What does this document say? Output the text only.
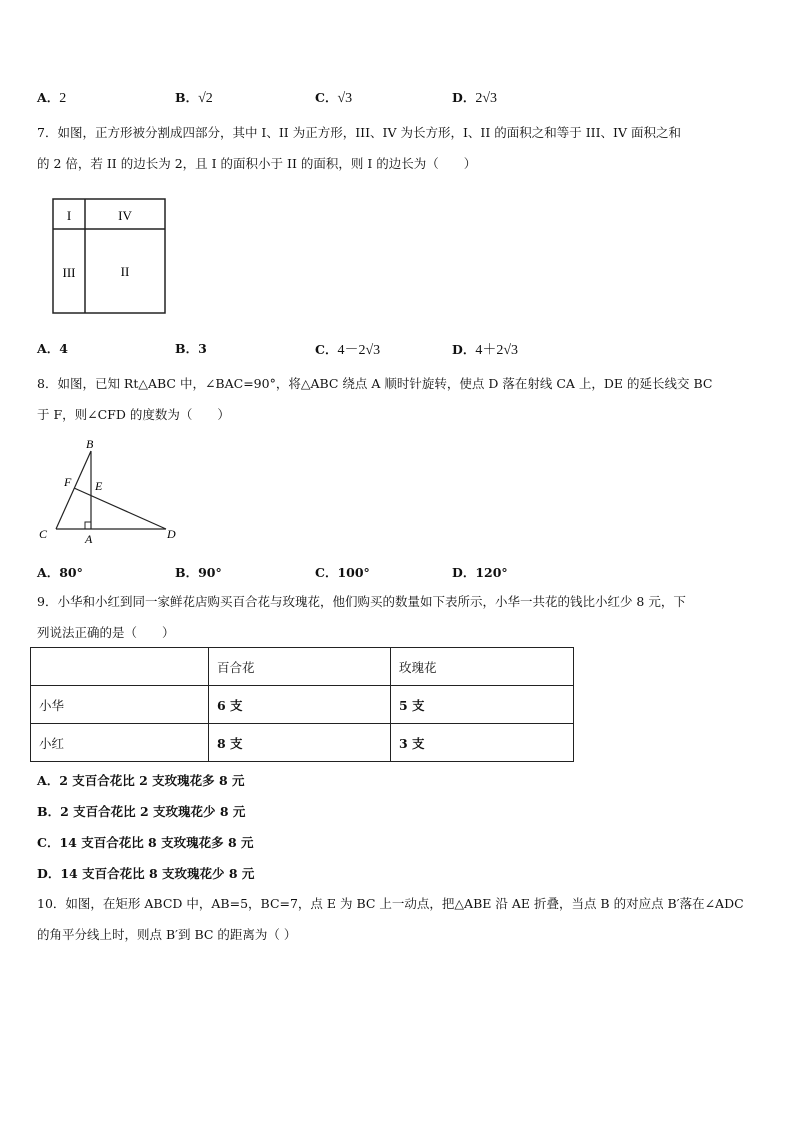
A．2	B．√2	C．√3	D．2√3
7．如图，正方形被分割成四部分，其中 I、II 为正方形，III、IV 为长方形，I、II 的面积之和等于 III、IV 面积之和
的 2 倍，若 II 的边长为 2，且 I 的面积小于 II 的面积，则 I 的边长为（　　）
I	IV
III	II
A．4	B．3	C．4－2√3	D．4＋2√3
8．如图，已知 Rt△ABC 中，∠BAC=90°，将△ABC 绕点 A 顺时针旋转，使点 D 落在射线 CA 上，DE 的延长线交 BC
于 F，则∠CFD 的度数为（　　）
B
F E
C	A	D
A．80°	B．90°	C．100°	D．120°
9．小华和小红到同一家鲜花店购买百合花与玫瑰花，他们购买的数量如下表所示，小华一共花的钱比小红少 8 元，下
列说法正确的是（　　）
	百合花	玫瑰花
小华	6 支	5 支
小红	8 支	3 支
A．2 支百合花比 2 支玫瑰花多 8 元
B．2 支百合花比 2 支玫瑰花少 8 元
C．14 支百合花比 8 支玫瑰花多 8 元
D．14 支百合花比 8 支玫瑰花少 8 元
10．如图，在矩形 ABCD 中，AB=5，BC=7，点 E 为 BC 上一动点，把△ABE 沿 AE 折叠，当点 B 的对应点 B′落在∠ADC
的角平分线上时，则点 B′到 BC 的距离为（ ）
